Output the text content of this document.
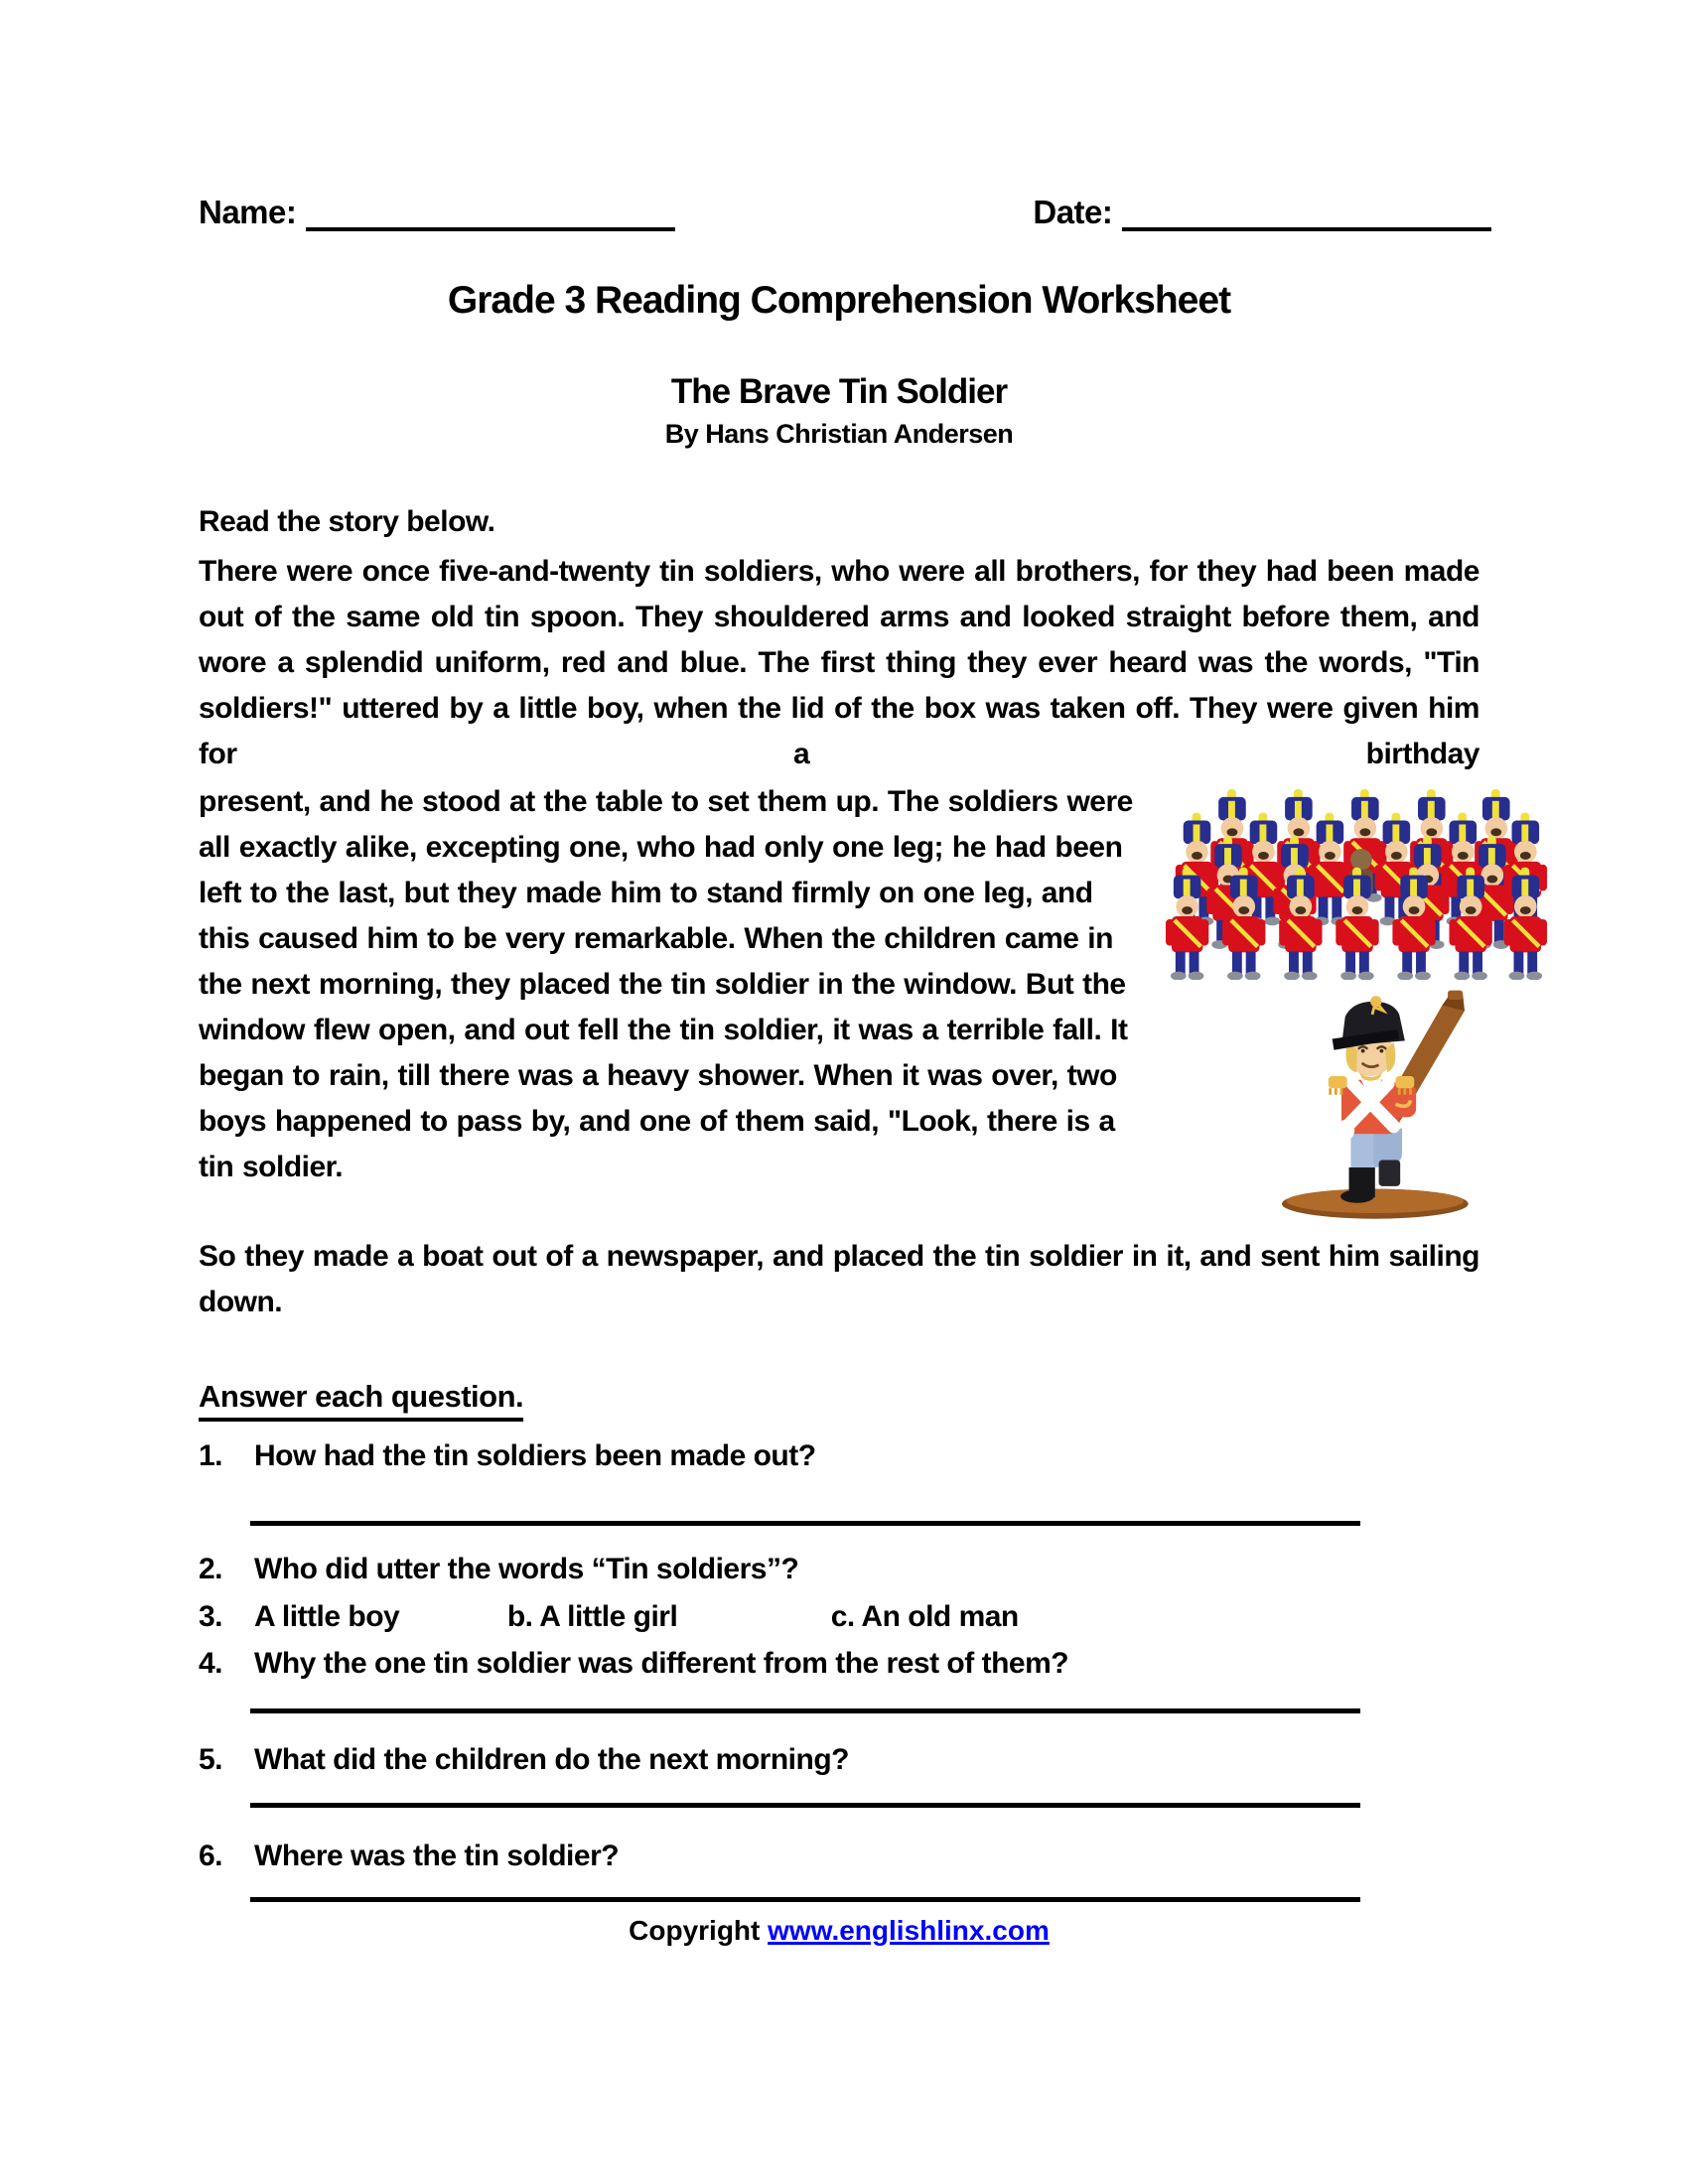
Name:	Date:
Grade 3 Reading Comprehension Worksheet
The Brave Tin Soldier
By Hans Christian Andersen

Read the story below.

There were once five-and-twenty tin soldiers, who were all brothers, for they had been made out of the same old tin spoon. They shouldered arms and looked straight before them, and wore a splendid uniform, red and blue. The first thing they ever heard was the words, "Tin soldiers!" uttered by a little boy, when the lid of the box was taken off. They were given him for a birthday

present, and he stood at the table to set them up. The soldiers were all exactly alike, excepting one, who had only one leg; he had been left to the last, but they made him to stand firmly on one leg, and this caused him to be very remarkable. When the children came in the next morning, they placed the tin soldier in the window. But the window flew open, and out fell the tin soldier, it was a terrible fall. It began to rain, till there was a heavy shower. When it was over, two boys happened to pass by, and one of them said, "Look, there is a tin soldier.

So they made a boat out of a newspaper, and placed the tin soldier in it, and sent him sailing down.

Answer each question.

1.	How had the tin soldiers been made out?
2.	Who did utter the words “Tin soldiers”?
3.	A little boy	b. A little girl	c. An old man
4.	Why the one tin soldier was different from the rest of them?
5.	What did the children do the next morning?
6.	Where was the tin soldier?
Copyright www.englishlinx.com
